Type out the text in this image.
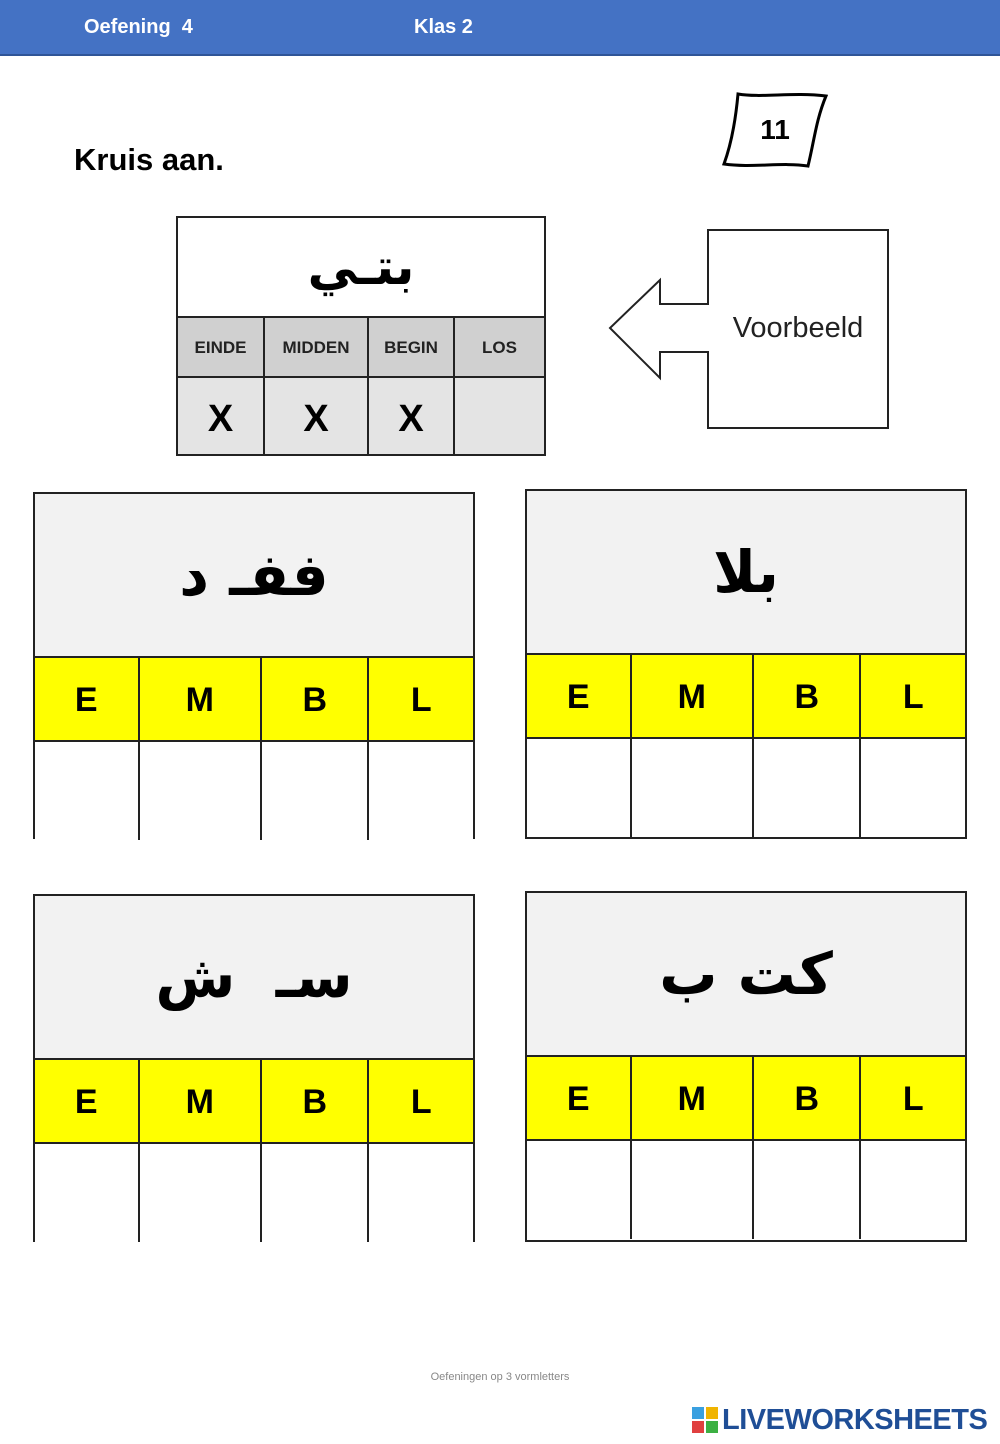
Oefening  4	Klas 2
Kruis aan.
11
بتـي
EINDE	MIDDEN	BEGIN	LOS
X	X	X
Voorbeeld
ففـ د
E	M	B	L
بلا
E	M	B	L
سـ  ش
E	M	B	L
كت ب
E	M	B	L
Oefeningen op 3 vormletters
LIVEWORKSHEETS
